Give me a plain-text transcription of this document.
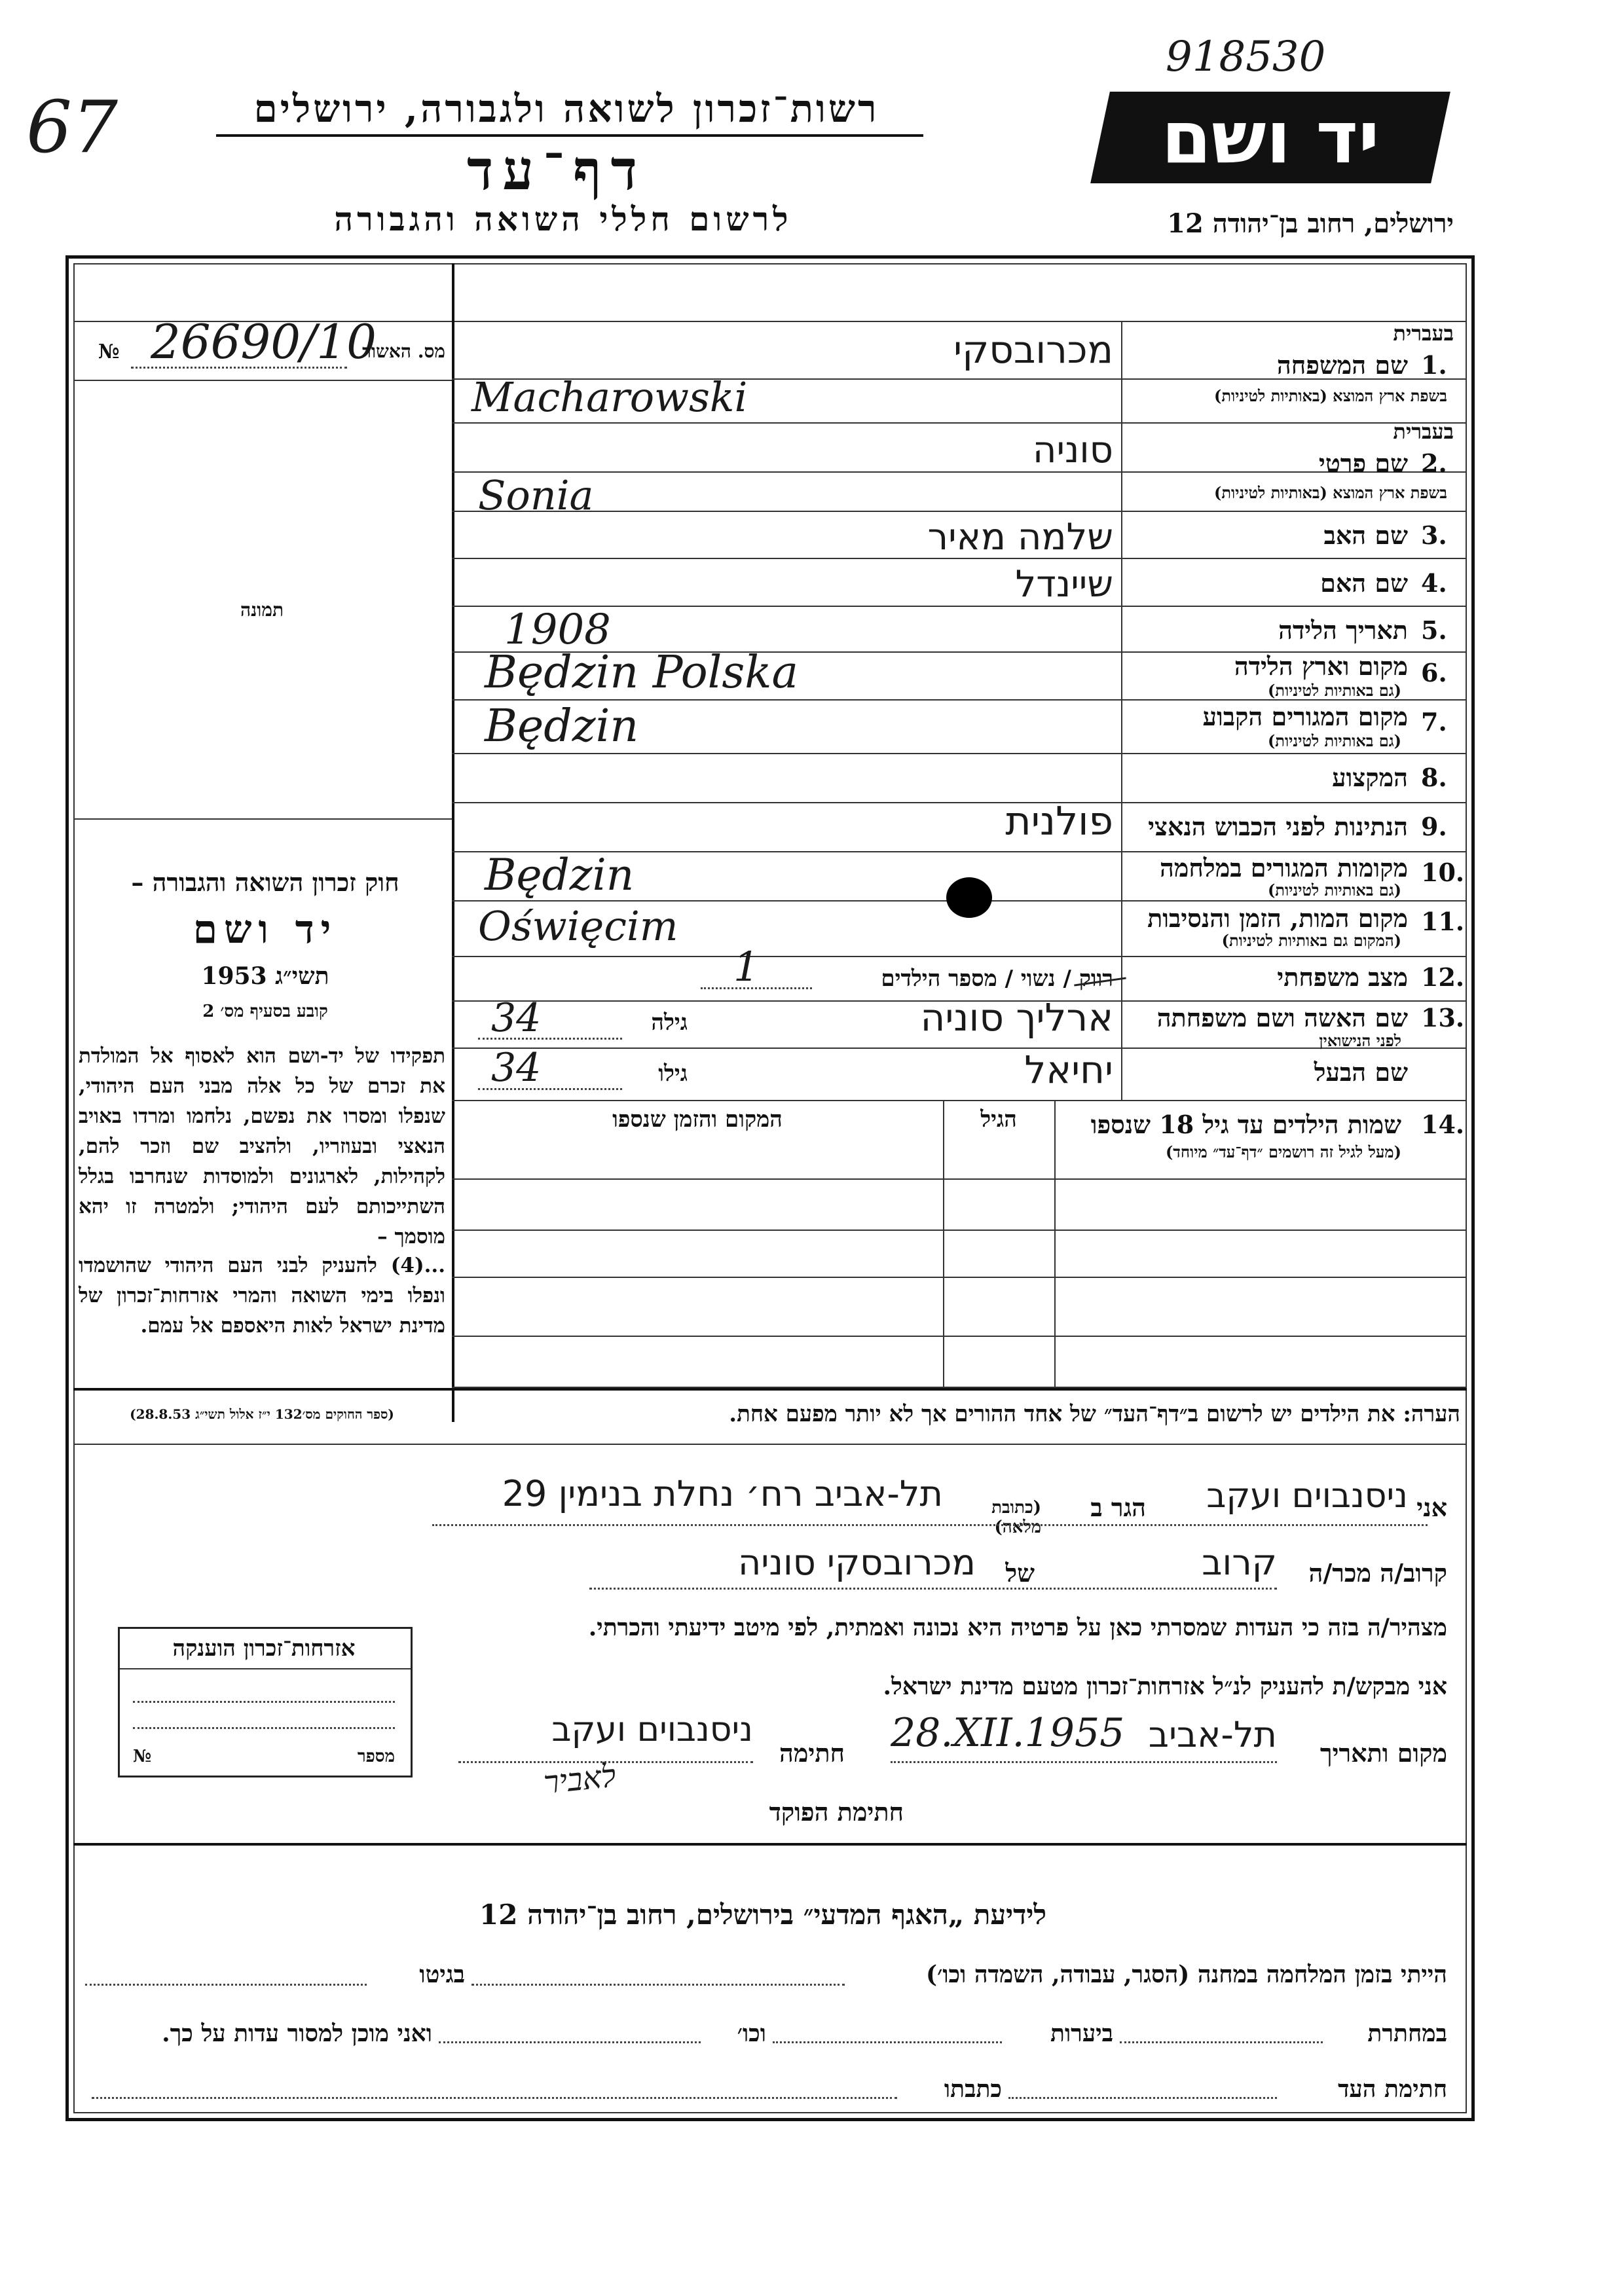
67
918530
רשות־זכרון לשואה ולגבורה, ירושלים
דף־עד
לרשום חללי השואה והגבורה
יד ושם
ירושלים, רחוב בן־יהודה 12
№ 26690/10
מס. האשור
תמונה
חוק זכרון השואה והגבורה –
יד ושם
תשי״ג 1953
קובע בסעיף מס׳ 2
תפקידו של יד-ושם הוא לאסוף אל המולדת את זכרם של כל אלה מבני העם היהודי, שנפלו ומסרו את נפשם, נלחמו ומרדו באויב הנאצי ובעוזריו, ולהציב שם וזכר להם, לקהילות, לארגונים ולמוסדות שנחרבו בגלל השתייכותם לעם היהודי; ולמטרה זו יהא מוסמך –
...(4) להעניק לבני העם היהודי שהושמדו ונפלו בימי השואה והמרי אזרחות־זכרון של מדינת ישראל לאות היאספם אל עמם.
(ספר החוקים מס׳132 י״ז אלול תשי״ג 28.8.53)
בעברית
שם המשפחה 1.
בשפת ארץ המוצא (באותיות לטיניות)
מכרובסקי
Macharowski
בעברית
שם פרטי 2.
בשפת ארץ המוצא (באותיות לטיניות)
סוניה
Sonia
שם האב 3.
שלמה מאיר
שם האם 4.
שיינדל
תאריך הלידה 5.
1908
מקום וארץ הלידה 6.
(גם באותיות לטיניות)
Będzin Polska
מקום המגורים הקבוע 7.
(גם באותיות לטיניות)
Będzin
המקצוע 8.
הנתינות לפני הכבוש הנאצי 9.
פולנית
מקומות המגורים במלחמה 10.
(גם באותיות לטיניות)
Będzin
מקום המות, הזמן והנסיבות 11.
(המקום גם באותיות לטיניות)
Oświęcim
מצב משפחתי 12.
רווק / נשוי / מספר הילדים
1
שם האשה ושם משפחתה 13.
לפני הנישואין
ארליך סוניה
גילה
34
שם הבעל
יחיאל
גילו
34
שמות הילדים עד גיל 18 שנספו 14.
(מעל לגיל זה רושמים ״דף־עד״ מיוחד)
הגיל
המקום והזמן שנספו
הערה: את הילדים יש לרשום ב״דף־העד״ של אחד ההורים אך לא יותר מפעם אחת.
אני
ניסנבוים ועקב
הגר ב
(כתובת מלאה)
תל-אביב רח׳ נחלת בנימין 29
קרוב/ה מכר/ה
קרוב
של
מכרובסקי סוניה
מצהיר/ה בזה כי העדות שמסרתי כאן על פרטיה היא נכונה ואמתית, לפי מיטב ידיעתי והכרתי.
אני מבקש/ת להעניק לנ״ל אזרחות־זכרון מטעם מדינת ישראל.
מקום ותאריך
תל-אביב
28.XII.1955
חתימה
ניסנבוים ועקב
לאביר
חתימת הפוקד
אזרחות־זכרון הוענקה
№	מספר
לידיעת „האגף המדעי״ בירושלים, רחוב בן־יהודה 12
הייתי בזמן המלחמה במחנה (הסגר, עבודה, השמדה וכו׳)
בגיטו
במחתרת
ביערות
וכו׳
ואני מוכן למסור עדות על כך.
חתימת העד
כתבתו
